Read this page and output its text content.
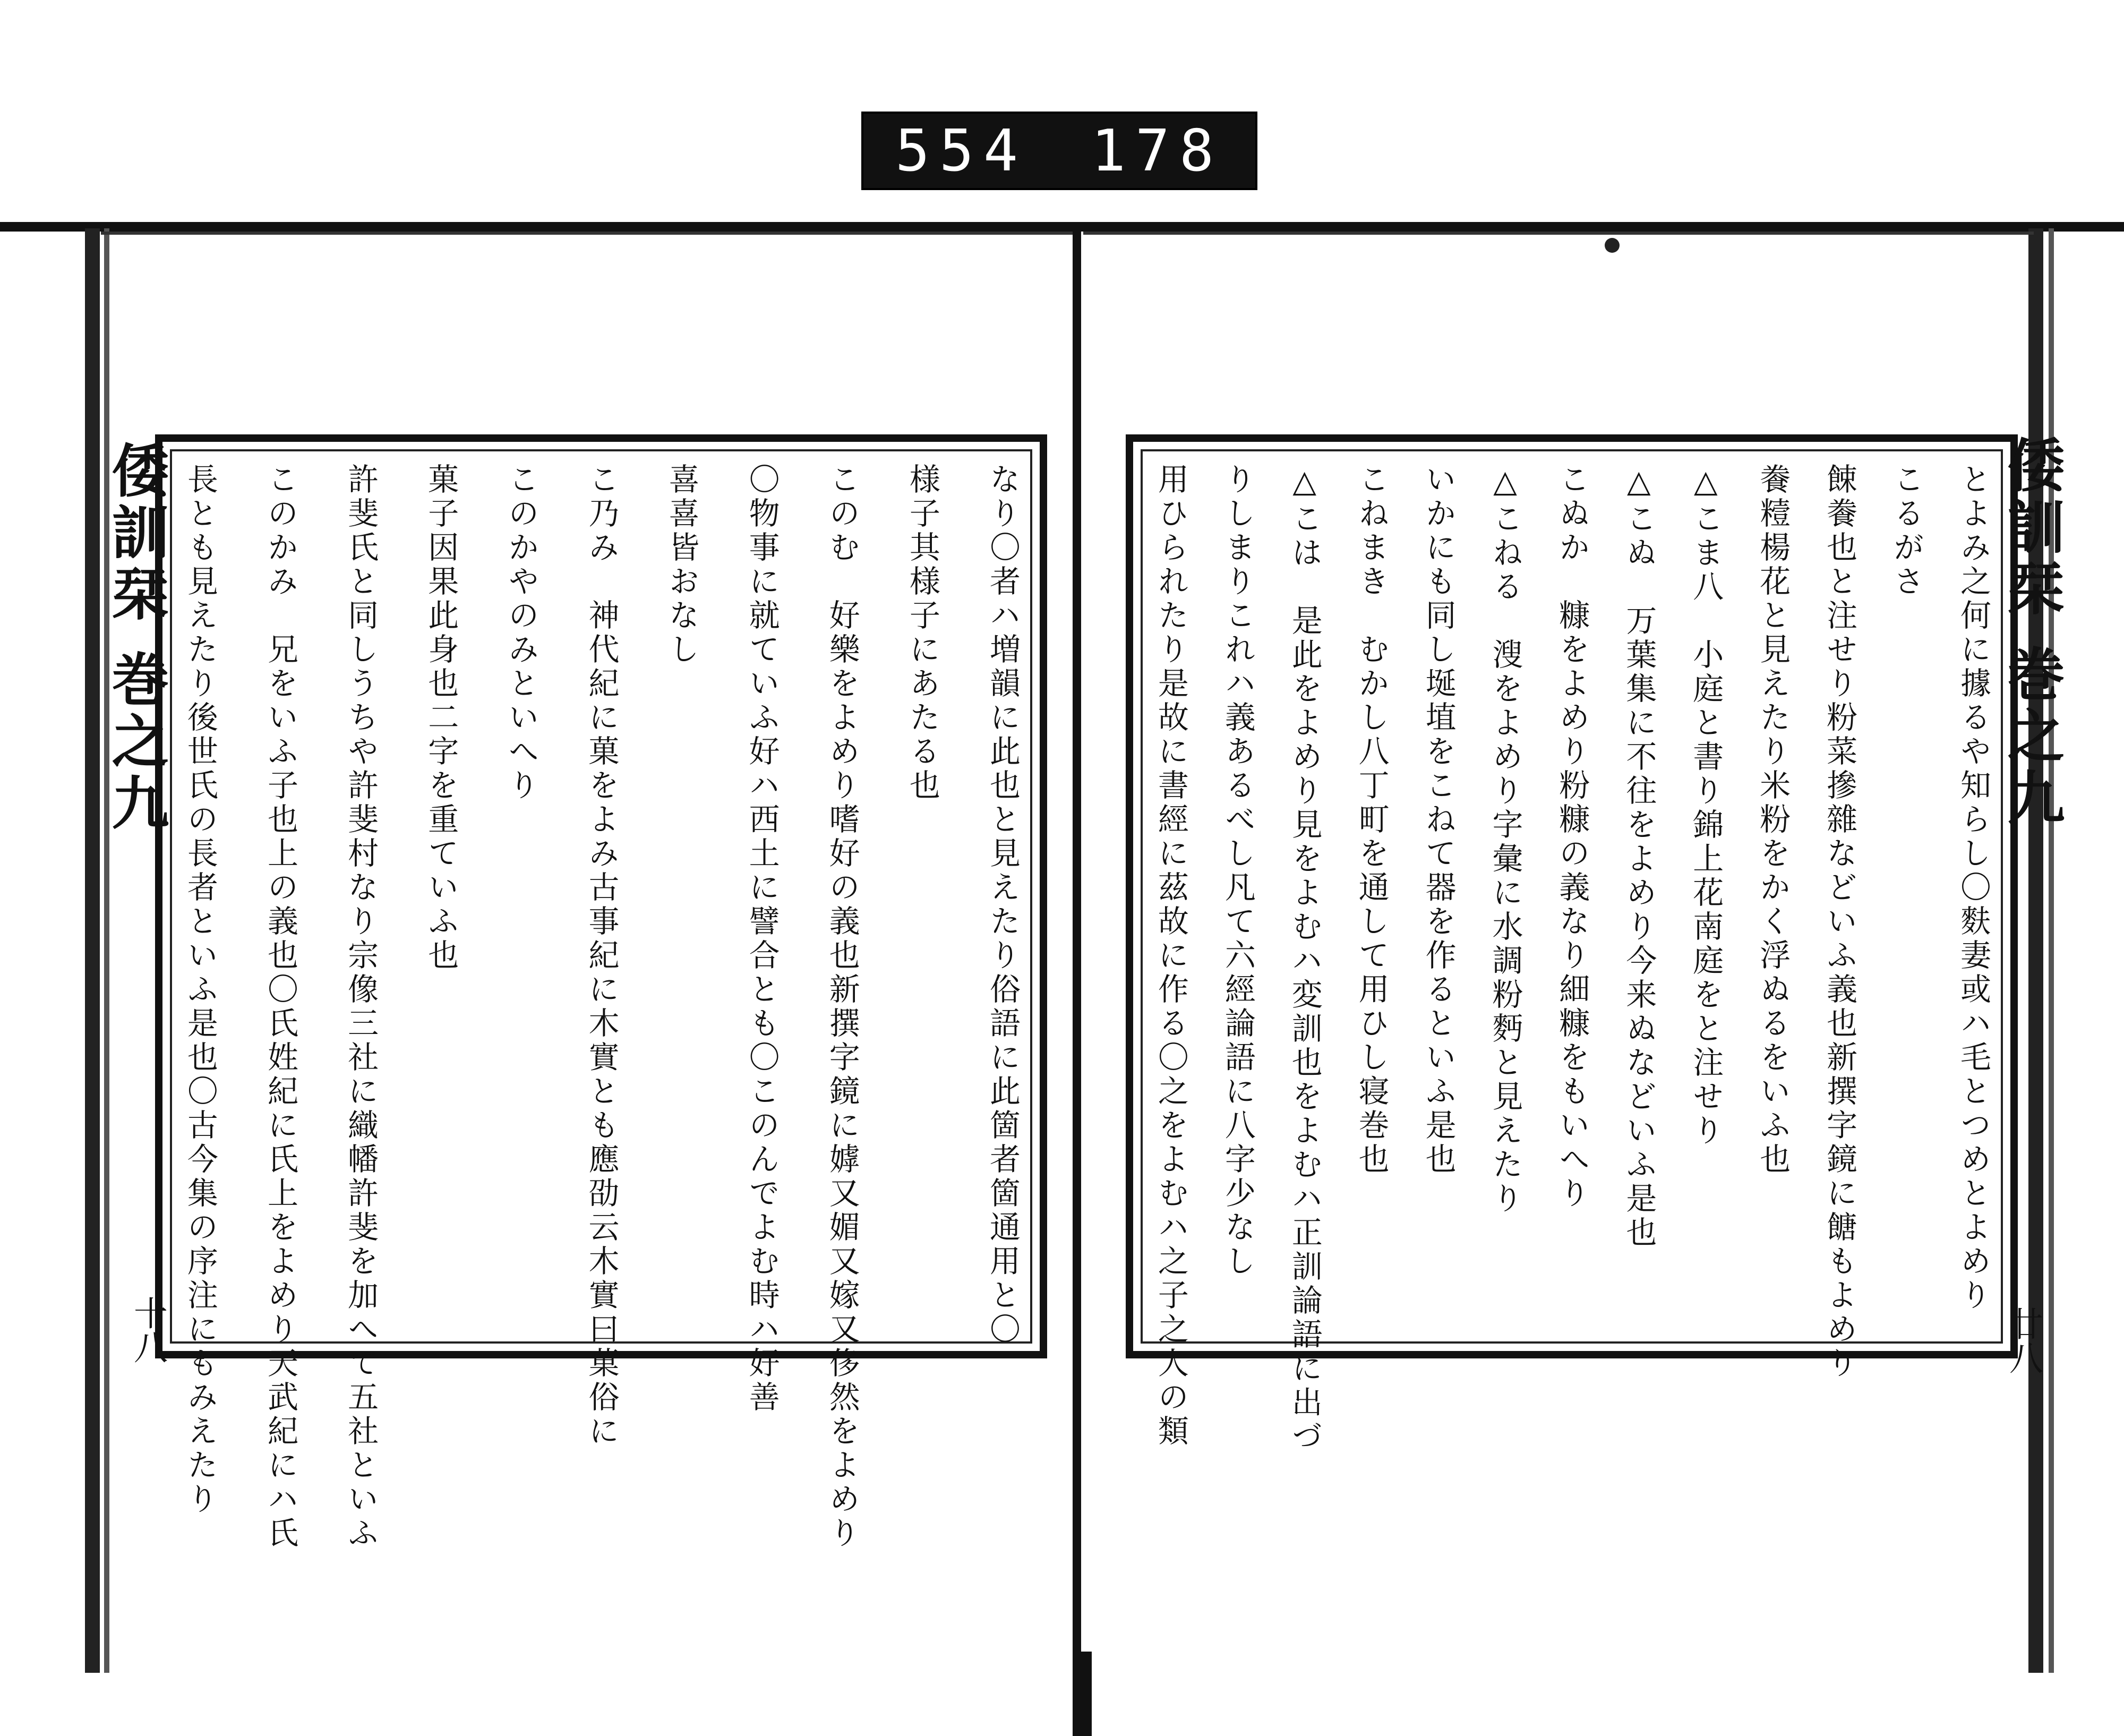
554 178
なり〇者ハ増韻に此也と見えたり俗語に此箇者箇通用と〇
様子其様子にあたる也
このむ　好樂をよめり嗜好の義也新撰字鏡に嫭又媚又嫁又侈然をよめり
〇物事に就ていふ好ハ西土に譬合とも〇このんでよむ時ハ好善
喜喜皆おなし
こ乃み　神代紀に菓をよみ古事紀に木實とも應劭云木實曰菓俗に
このかやのみといへり
菓子因果此身也二字を重ていふ也
許斐氏と同しうちや許斐村なり宗像三社に織幡許斐を加へて五社といふ
このかみ　兄をいふ子也上の義也〇氏姓紀に氏上をよめり天武紀にハ氏
長とも見えたり後世氏の長者といふ是也〇古今集の序注にもみえたり
倭訓栞 巻之九
十八
とよみ之何に據るや知らし〇麩妻或ハ毛とつめとよめり
こるがさ
餗餋也と注せり粉菜摻雜などいふ義也新撰字鏡に餹もよめり
餋䊦楊花と見えたり米粉をかく浮ぬるをいふ也
△こま八　小庭と書り錦上花南庭をと注せり
△こぬ　万葉集に不往をよめり今来ぬなどいふ是也
こぬか　糠をよめり粉糠の義なり細糠をもいへり
△こねる　溲をよめり字彙に水調粉麪と見えたり
いかにも同し埏埴をこねて器を作るといふ是也
こねまき　むかし八丁町を通して用ひし寝巻也
△こは　是此をよめり見をよむハ変訓也をよむハ正訓論語に出づ
りしまりこれハ義あるべし凡て六經論語に八字少なし
用ひられたり是故に書經に茲故に作る〇之をよむハ之子之人の類	倭訓栞 巻之九
廿八
